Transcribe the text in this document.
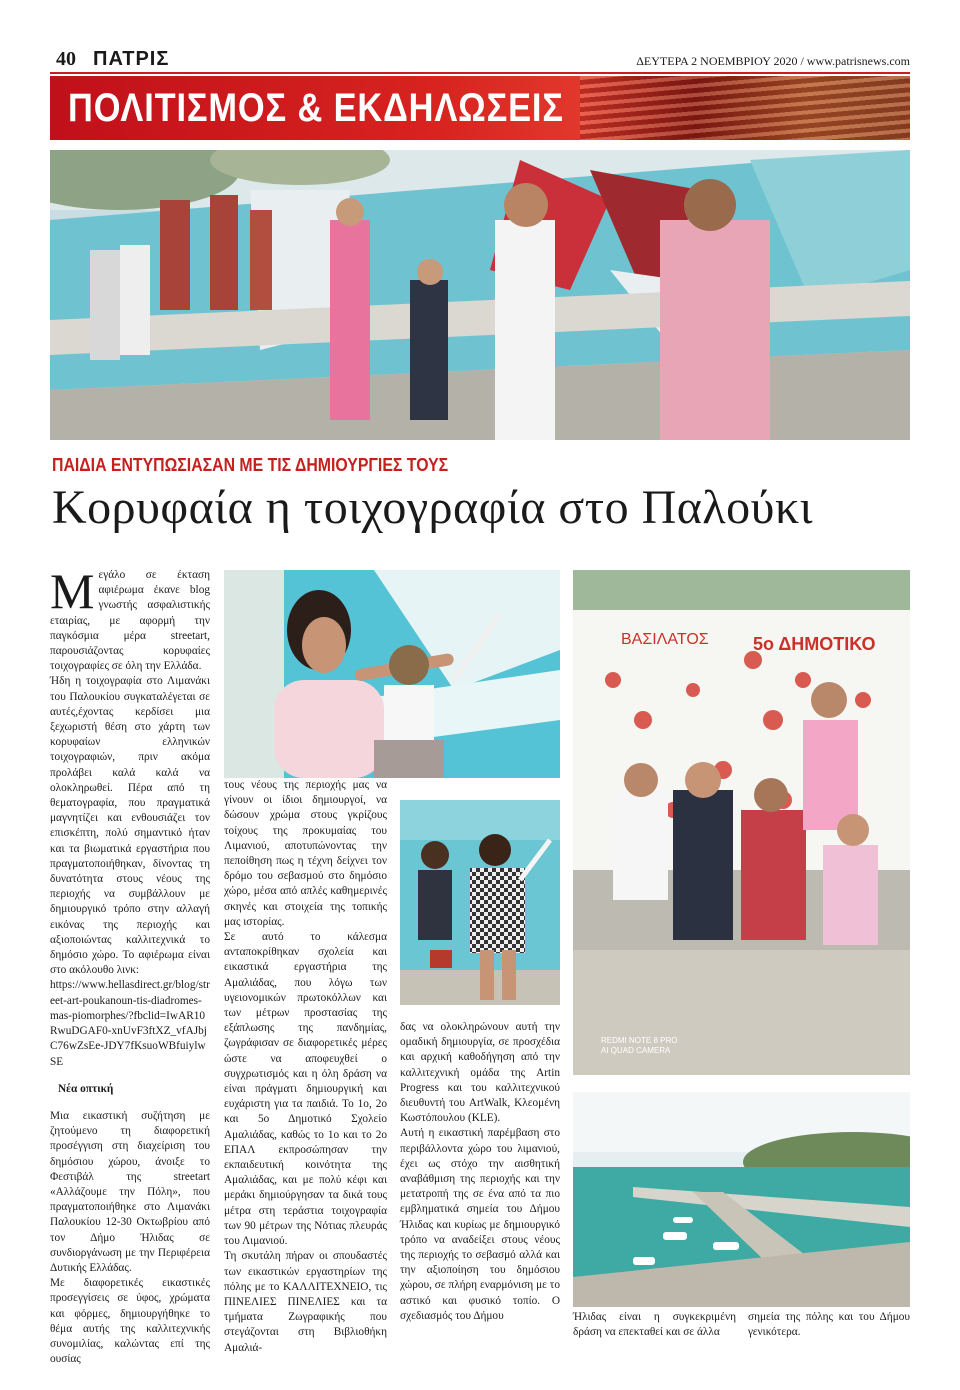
40 ΠΑΤΡΙΣ	ΔΕΥΤΕΡΑ 2 ΝΟΕΜΒΡΙΟΥ 2020 / www.patrisnews.com
ΠΟΛΙΤΙΣΜΟΣ & ΕΚΔΗΛΩΣΕΙΣ
ΠΑΙΔΙΑ ΕΝΤΥΠΩΣΙΑΣΑΝ ΜΕ ΤΙΣ ΔΗΜΙΟΥΡΓΙΕΣ ΤΟΥΣ
Κορυφαία η τοιχογραφία στο Παλούκι

Μεγάλο σε έκταση αφιέρωμα έκανε blog γνωστής ασφαλιστικής εταιρίας, με αφορμή την παγκόσμια μέρα streetart, παρουσιάζοντας κορυφαίες τοιχογραφίες σε όλη την Ελλάδα.

Ήδη η τοιχογραφία στο Λιμανάκι του Παλουκίου συγκαταλέγεται σε αυτές,έχοντας κερδίσει μια ξεχωριστή θέση στο χάρτη των κορυφαίων ελληνικών τοιχογραφιών, πριν ακόμα προλάβει καλά καλά να ολοκληρωθεί. Πέρα από τη θεματογραφία, που πραγματικά μαγνητίζει και ενθουσιάζει τον επισκέπτη, πολύ σημαντικό ήταν και τα βιωματικά εργαστήρια που πραγματοποιήθηκαν, δίνοντας τη δυνατότητα στους νέους της περιοχής να συμβάλλουν με δημιουργικό τρόπο στην αλλαγή εικόνας της περιοχής και αξιοποιώντας καλλιτεχνικά το δημόσιο χώρο. Το αφιέρωμα είναι στο ακόλουθο λινκ:

https://www.hellasdirect.gr/blog/street-art-poukanoun-tis-diadromes-mas-piomorphes/?fbclid=IwAR10RwuDGAF0-xnUvF3ftXZ_vfAJbjC76wZsEe-JDY7fKsuoWBfuiylwSE

Νέα οπτική

Μια εικαστική συζήτηση με ζητούμενο τη διαφορετική προσέγγιση στη διαχείριση του δημόσιου χώρου, άνοιξε το Φεστιβάλ της streetart «Αλλάζουμε την Πόλη», που πραγματοποιήθηκε στο Λιμανάκι Παλουκίου 12-30 Οκτωβρίου από τον Δήμο Ήλιδας σε συνδιοργάνωση με την Περιφέρεια Δυτικής Ελλάδας.

Με διαφορετικές εικαστικές προσεγγίσεις σε ύφος, χρώματα και φόρμες, δημιουργήθηκε το θέμα αυτής της καλλιτεχνικής συνομιλίας, καλώντας επί της ουσίας

τους νέους της περιοχής μας να γίνουν οι ίδιοι δημιουργοί, να δώσουν χρώμα στους γκρίζους τοίχους της προκυμαίας του Λιμανιού, αποτυπώνοντας την πεποίθηση πως η τέχνη δείχνει τον δρόμο του σεβασμού στο δημόσιο χώρο, μέσα από απλές καθημερινές σκηνές και στοιχεία της τοπικής μας ιστορίας.

Σε αυτό το κάλεσμα ανταποκρίθηκαν σχολεία και εικαστικά εργαστήρια της Αμαλιάδας, που λόγω των υγειονομικών πρωτοκόλλων και των μέτρων προστασίας της εξάπλωσης της πανδημίας, ζωγράφισαν σε διαφορετικές μέρες ώστε να αποφευχθεί ο συγχρωτισμός και η όλη δράση να είναι πράγματι δημιουργική και ευχάριστη για τα παιδιά. Το 1ο, 2ο και 5ο Δημοτικό Σχολείο Αμαλιάδας, καθώς το 1ο και το 2ο ΕΠΑΛ εκπροσώπησαν την εκπαιδευτική κοινότητα της Αμαλιάδας, και με πολύ κέφι και μεράκι δημιούργησαν τα δικά τους μέτρα στη τεράστια τοιχογραφία των 90 μέτρων της Νότιας πλευράς του Λιμανιού.

Τη σκυτάλη πήραν οι σπουδαστές των εικαστικών εργαστηρίων της πόλης με το ΚΑΛΛΙΤΕΧΝΕΙΟ, τις ΠΙΝΕΛΙΕΣ ΠΙΝΕΛΙΕΣ και τα τμήματα Ζωγραφικής που στεγάζονται στη Βιβλιοθήκη Αμαλιά-

ΒΑΣΙΛΑΤΟΣ 5ο ΔΗΜΟΤΙΚΟ
REDMI NOTE 8 PRO
AI QUAD CAMERA

δας να ολοκληρώνουν αυτή την ομαδική δημιουργία, σε προσχέδια και αρχική καθοδήγηση από την καλλιτεχνική ομάδα της Artin Progress και του καλλιτεχνικού διευθυντή του ArtWalk, Κλεομένη Κωστόπουλου (KLE).

Αυτή η εικαστική παρέμβαση στο περιβάλλοντα χώρο του λιμανιού, έχει ως στόχο την αισθητική αναβάθμιση της περιοχής και την μετατροπή της σε ένα από τα πιο εμβληματικά σημεία του Δήμου Ήλιδας και κυρίως με δημιουργικό τρόπο να αναδείξει στους νέους της περιοχής το σεβασμό αλλά και την αξιοποίηση του δημόσιου χώρου, σε πλήρη εναρμόνιση με το αστικό και φυσικό τοπίο. Ο σχεδιασμός του Δήμου	Ήλιδας είναι η συγκεκριμένη δράση να επεκταθεί και σε άλλα

σημεία της πόλης και του Δήμου γενικότερα.
